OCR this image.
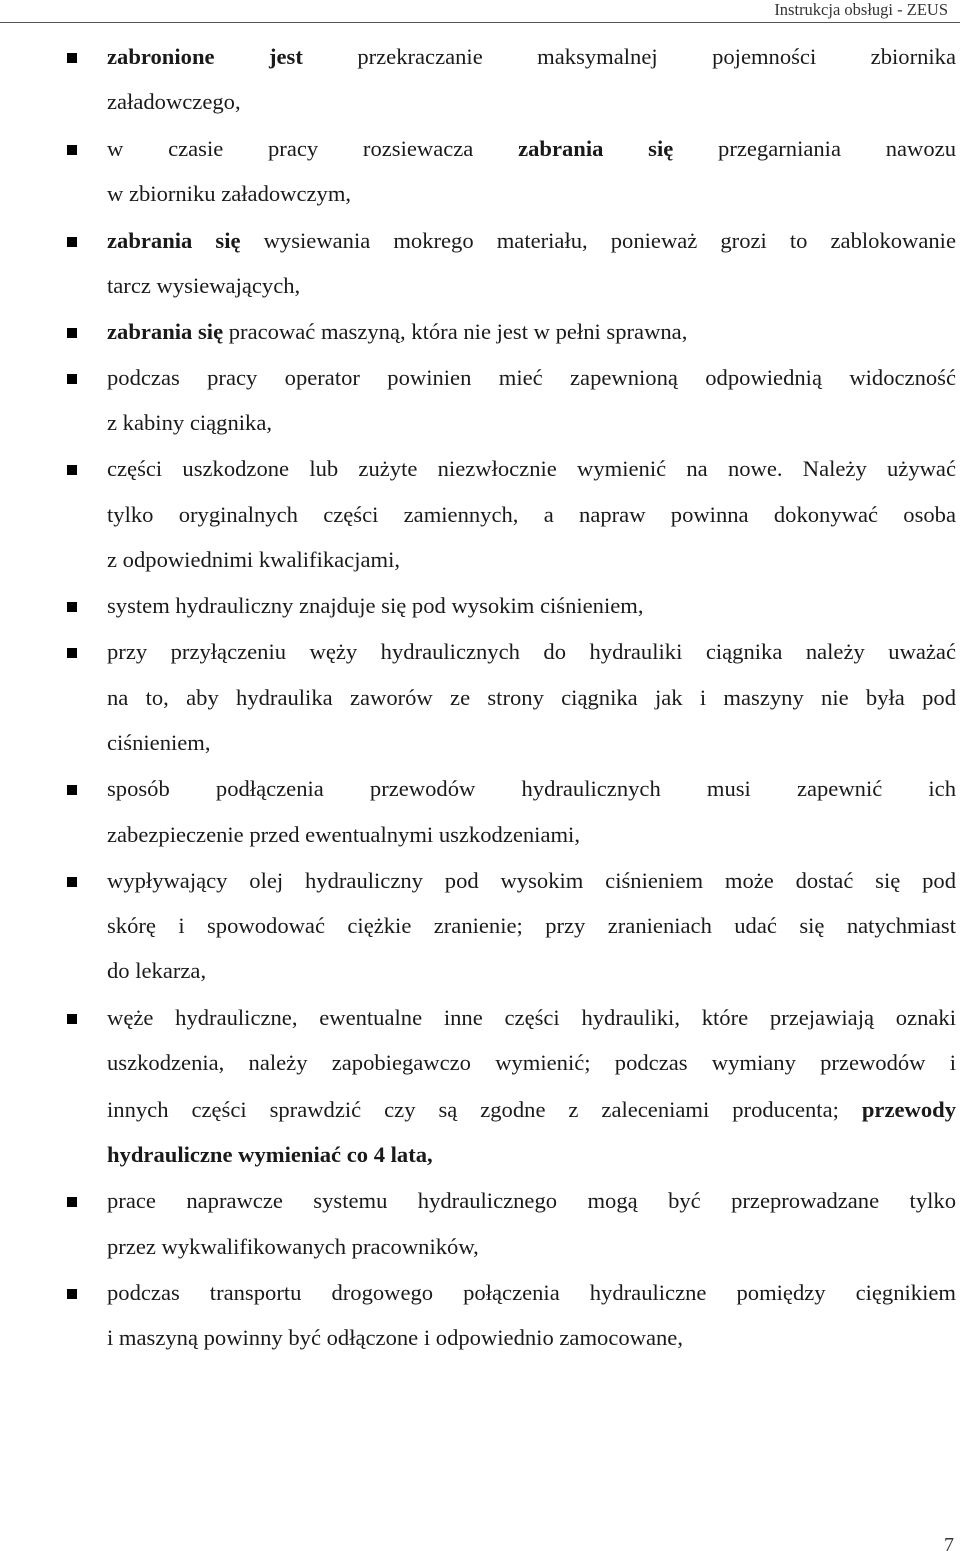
Instrukcja obsługi - ZEUS
zabronione jest przekraczanie maksymalnej pojemności zbiornika
załadowczego,
w czasie pracy rozsiewacza zabrania się przegarniania nawozu
w zbiorniku załadowczym,
zabrania się wysiewania mokrego materiału, ponieważ grozi to zablokowanie
tarcz wysiewających,
zabrania się pracować maszyną, która nie jest w pełni sprawna,
podczas pracy operator powinien mieć zapewnioną odpowiednią widoczność
z kabiny ciągnika,
części uszkodzone lub zużyte niezwłocznie wymienić na nowe. Należy używać
tylko oryginalnych części zamiennych, a napraw powinna dokonywać osoba
z odpowiednimi kwalifikacjami,
system hydrauliczny znajduje się pod wysokim ciśnieniem,
przy przyłączeniu węży hydraulicznych do hydrauliki ciągnika należy uważać
na to, aby hydraulika zaworów ze strony ciągnika jak i maszyny nie była pod
ciśnieniem,
sposób podłączenia przewodów hydraulicznych musi zapewnić ich
zabezpieczenie przed ewentualnymi uszkodzeniami,
wypływający olej hydrauliczny pod wysokim ciśnieniem może dostać się pod
skórę i spowodować ciężkie zranienie; przy zranieniach udać się natychmiast
do lekarza,
węże hydrauliczne, ewentualne inne części hydrauliki, które przejawiają oznaki
uszkodzenia, należy zapobiegawczo wymienić; podczas wymiany przewodów i
innych części sprawdzić czy są zgodne z zaleceniami producenta; przewody
hydrauliczne wymieniać co 4 lata,
prace naprawcze systemu hydraulicznego mogą być przeprowadzane tylko
przez wykwalifikowanych pracowników,
podczas transportu drogowego połączenia hydrauliczne pomiędzy cięgnikiem
i maszyną powinny być odłączone i odpowiednio zamocowane,
7
